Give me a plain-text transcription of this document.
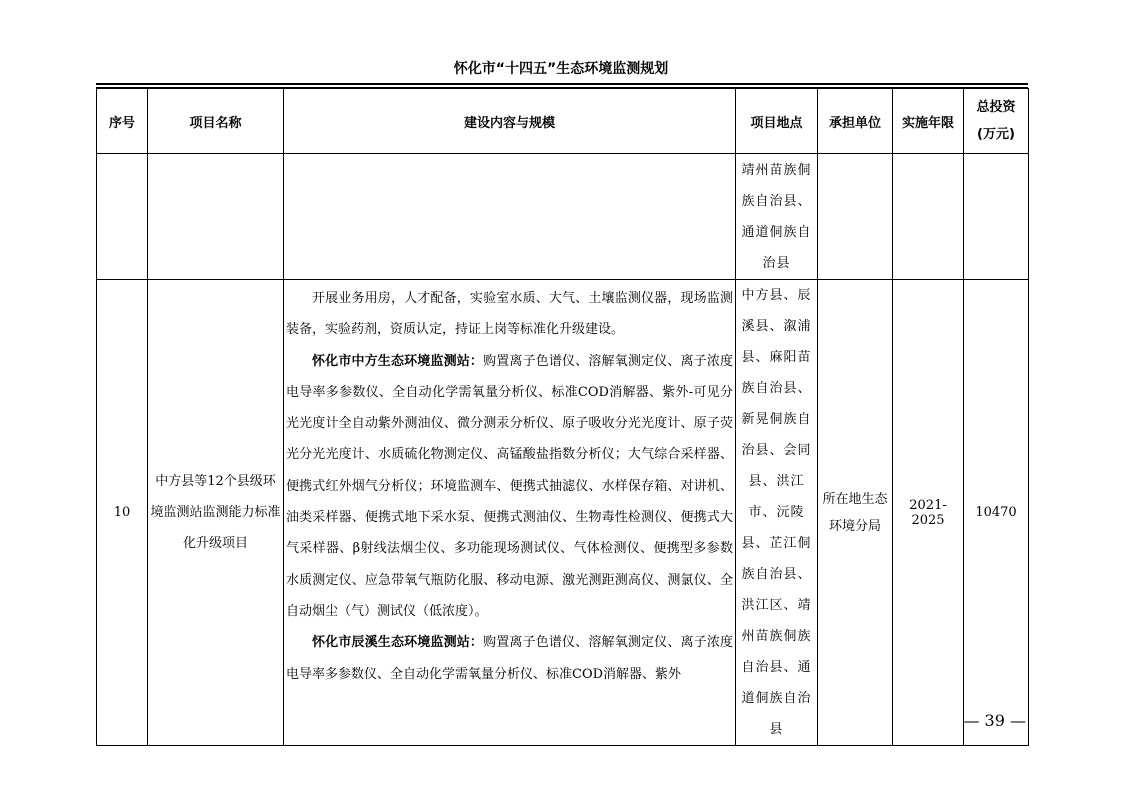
怀化市“十四五”生态环境监测规划
序号	项目名称	建设内容与规模	项目地点	承担单位	实施年限	总投资
(万元)

			靖州苗族侗族自治县、通道侗族自治县			
10	中方县等12个县级环境监测站监测能力标准化升级项目	开展业务用房，人才配备，实验室水质、大气、土壤监测仪器，现场监测装备，实验药剂，资质认定，持证上岗等标准化升级建设。

怀化市中方生态环境监测站：购置离子色谱仪、溶解氧测定仪、离子浓度电导率多参数仪、全自动化学需氧量分析仪、标准COD消解器、紫外-可见分光光度计全自动紫外测油仪、微分测汞分析仪、原子吸收分光光度计、原子荧光分光光度计、水质硫化物测定仪、高锰酸盐指数分析仪；大气综合采样器、便携式红外烟气分析仪；环境监测车、便携式抽滤仪、水样保存箱、对讲机、油类采样器、便携式地下采水泵、便携式测油仪、生物毒性检测仪、便携式大气采样器、β射线法烟尘仪、多功能现场测试仪、气体检测仪、便携型多参数水质测定仪、应急带氧气瓶防化服、移动电源、激光测距测高仪、测氯仪、全自动烟尘（气）测试仪（低浓度）。

怀化市辰溪生态环境监测站：购置离子色谱仪、溶解氧测定仪、离子浓度电导率多参数仪、全自动化学需氧量分析仪、标准COD消解器、紫外	中方县、辰溪县、溆浦县、麻阳苗族自治县、新晃侗族自治县、会同县、洪江市、沅陵县、芷江侗族自治县、洪江区、靖州苗族侗族自治县、通道侗族自治县	所在地生态环境分局	2021-2025	10470
— 39 —
